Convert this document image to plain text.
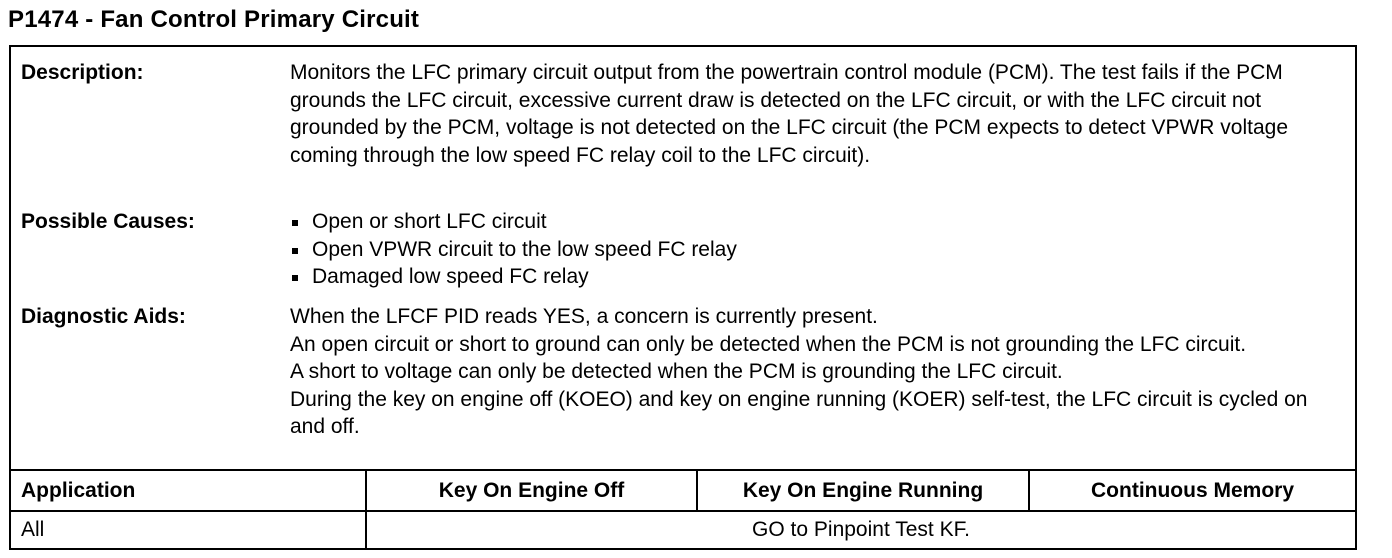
P1474 - Fan Control Primary Circuit
Description:	Monitors the LFC primary circuit output from the powertrain control module (PCM). The test fails if the PCM grounds the LFC circuit, excessive current draw is detected on the LFC circuit, or with the LFC circuit not grounded by the PCM, voltage is not detected on the LFC circuit (the PCM expects to detect VPWR voltage coming through the low speed FC relay coil to the LFC circuit).
Possible Causes:	Open or short LFC circuit
Open VPWR circuit to the low speed FC relay
Damaged low speed FC relay
Diagnostic Aids:	When the LFCF PID reads YES, a concern is currently present.

An open circuit or short to ground can only be detected when the PCM is not grounding the LFC circuit.

A short to voltage can only be detected when the PCM is grounding the LFC circuit.

During the key on engine off (KOEO) and key on engine running (KOER) self-test, the LFC circuit is cycled on and off.

Application	Key On Engine Off	Key On Engine Running	Continuous Memory
All	GO to Pinpoint Test KF.
